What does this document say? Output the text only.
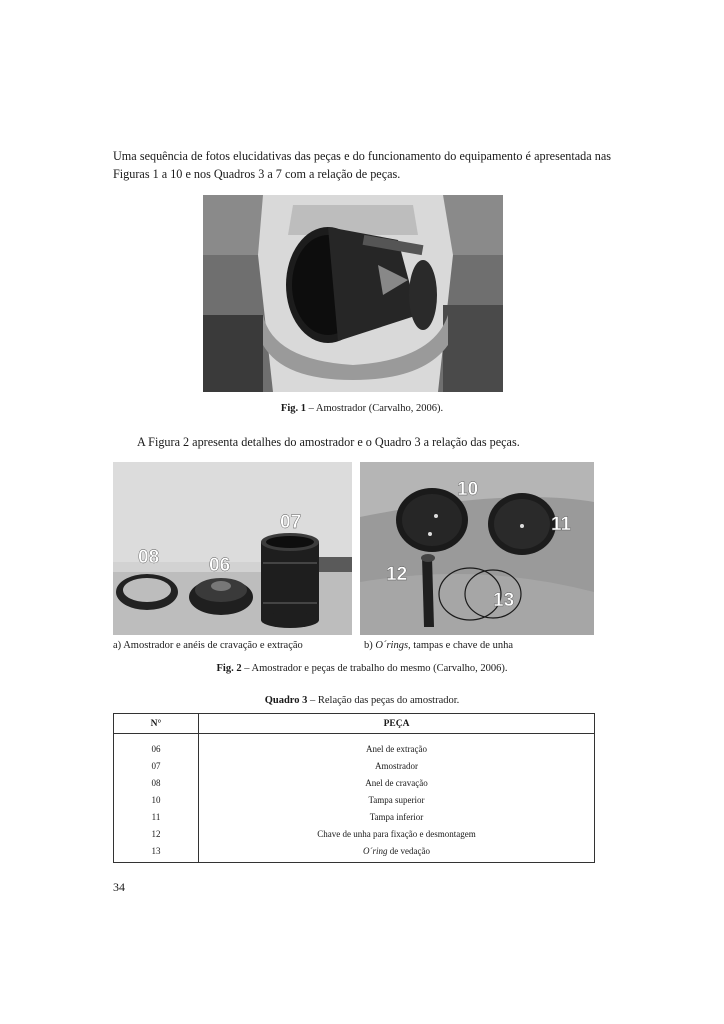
Uma sequência de fotos elucidativas das peças e do funcionamento do equipamento é apresentada nas Figuras 1 a 10 e nos Quadros 3 a 7 com a relação de peças.

Fig. 1 – Amostrador (Carvalho, 2006).

A Figura 2 apresenta detalhes do amostrador e o Quadro 3 a relação das peças.

08	06
07
10
11
12
13
a) Amostrador e anéis de cravação e extração	b) O´rings, tampas e chave de unha
Fig. 2 – Amostrador e peças de trabalho do mesmo (Carvalho, 2006).
Quadro 3 – Relação das peças do amostrador.
N°	PEÇA
06	Anel de extração
07	Amostrador
08	Anel de cravação
10	Tampa superior
11	Tampa inferior
12	Chave de unha para fixação e desmontagem
13	O´ring de vedação
34
